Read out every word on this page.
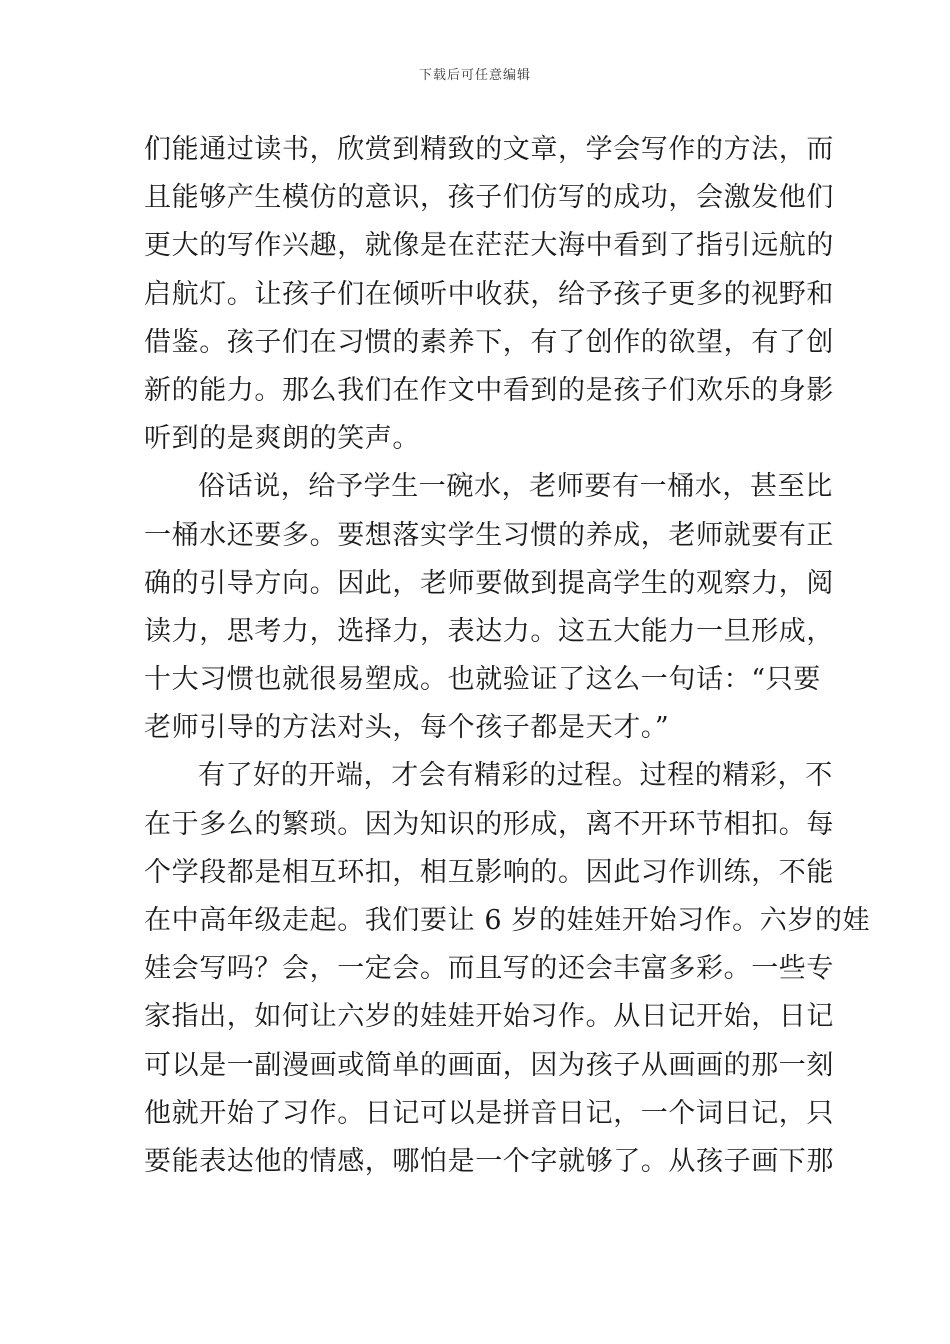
下载后可任意编辑
们能通过读书，欣赏到精致的文章，学会写作的方法，而
且能够产生模仿的意识，孩子们仿写的成功，会激发他们
更大的写作兴趣，就像是在茫茫大海中看到了指引远航的
启航灯。让孩子们在倾听中收获，给予孩子更多的视野和
借鉴。孩子们在习惯的素养下，有了创作的欲望，有了创
新的能力。那么我们在作文中看到的是孩子们欢乐的身影
听到的是爽朗的笑声。
俗话说，给予学生一碗水，老师要有一桶水，甚至比
一桶水还要多。要想落实学生习惯的养成，老师就要有正
确的引导方向。因此，老师要做到提高学生的观察力，阅
读力，思考力，选择力，表达力。这五大能力一旦形成，
十大习惯也就很易塑成。也就验证了这么一句话：“只要
老师引导的方法对头，每个孩子都是天才。”
有了好的开端，才会有精彩的过程。过程的精彩，不
在于多么的繁琐。因为知识的形成，离不开环节相扣。每
个学段都是相互环扣，相互影响的。因此习作训练，不能
在中高年级走起。我们要让 6 岁的娃娃开始习作。六岁的娃
娃会写吗？会，一定会。而且写的还会丰富多彩。一些专
家指出，如何让六岁的娃娃开始习作。从日记开始，日记
可以是一副漫画或简单的画面，因为孩子从画画的那一刻
他就开始了习作。日记可以是拼音日记，一个词日记，只
要能表达他的情感，哪怕是一个字就够了。从孩子画下那
